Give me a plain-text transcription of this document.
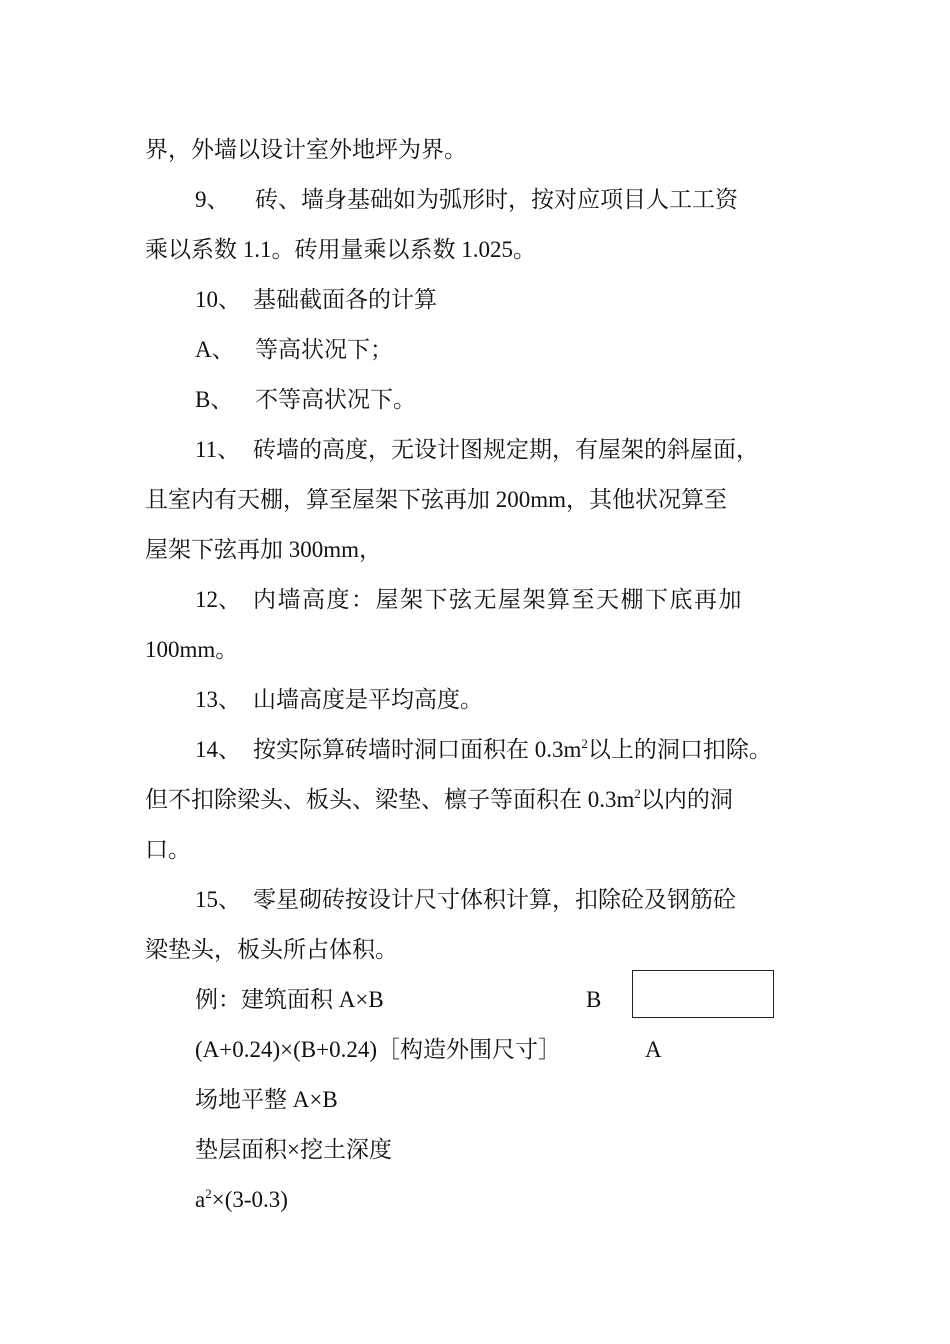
界，外墙以设计室外地坪为界。
9、 砖、墙身基础如为弧形时，按对应项目人工工资
乘以系数 1.1。砖用量乘以系数 1.025。
10、 基础截面各的计算
A、 等高状况下；
B、 不等高状况下。
11、 砖墙的高度，无设计图规定期，有屋架的斜屋面，
且室内有天棚，算至屋架下弦再加 200mm，其他状况算至
屋架下弦再加 300mm，
12、 内墙高度：屋架下弦无屋架算至天棚下底再加
100mm。
13、 山墙高度是平均高度。
14、 按实际算砖墙时洞口面积在 $0.3m^2$以上的洞口扣除。
但不扣除梁头、板头、梁垫、檩子等面积在 $0.3m^2$以内的洞
口。
15、 零星砌砖按设计尺寸体积计算，扣除砼及钢筋砼
梁垫头，板头所占体积。
例：建筑面积 A×B
(A+0.24)×(B+0.24)［构造外围尺寸］
场地平整 A×B
垫层面积×挖土深度
$a^2\times(3-0.3)$
B
A
